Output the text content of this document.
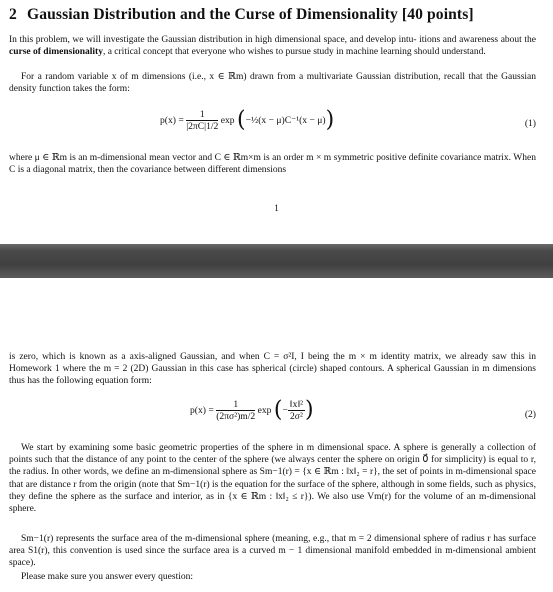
2 Gaussian Distribution and the Curse of Dimensionality [40 points]

In this problem, we will investigate the Gaussian distribution in high dimensional space, and develop intu- itions and awareness about the curse of dimensionality, a critical concept that everyone who wishes to pursue study in machine learning should understand.

For a random variable x of m dimensions (i.e., x ∈ ℝm) drawn from a multivariate Gaussian distribution, recall that the Gaussian density function takes the form:

$p(x) = \frac{1}{|2\pi C|1/2}$ exp (−½(x − μ)C⁻¹(x − μ))	(1)

where μ ∈ ℝm is an m-dimensional mean vector and C ∈ ℝm×m is an order m × m symmetric positive definite covariance matrix. When C is a diagonal matrix, then the covariance between different dimensions

1

is zero, which is known as a axis-aligned Gaussian, and when C = σ²I, I being the m × m identity matrix, we already saw this in Homework 1 where the m = 2 (2D) Gaussian in this case has spherical (circle) shaped contours. A spherical Gaussian in m dimensions thus has the following equation form:

$p(x) = \frac{1}{\text{(2πσ²)m/2}}$ exp (− $\frac{\text{‖x‖²}}{\text{2σ²}}$ )	(2)

We start by examining some basic geometric properties of the sphere in m dimensional space. A sphere is generally a collection of points such that the distance of any point to the center of the sphere (we always center the sphere on origin 0⃗ for simplicity) is equal to r, the radius. In other words, we define an m-dimensional sphere as Sm−1(r) = {x ∈ ℝm : ‖x‖₂ = r}, the set of points in m-dimensional space that are distance r from the origin (note that Sm−1(r) is the equation for the surface of the sphere, although in some fields, such as physics, they define the sphere as the surface and interior, as in {x ∈ ℝm : ‖x‖₂ ≤ r}). We also use Vm(r) for the volume of an m-dimensional sphere.

Sm−1(r) represents the surface area of the m-dimensional sphere (meaning, e.g., that m = 2 dimensional sphere of radius r has surface area S1(r), this convention is used since the surface area is a curved m − 1 dimensional manifold embedded in m-dimensional ambient space).

Please make sure you answer every question:
